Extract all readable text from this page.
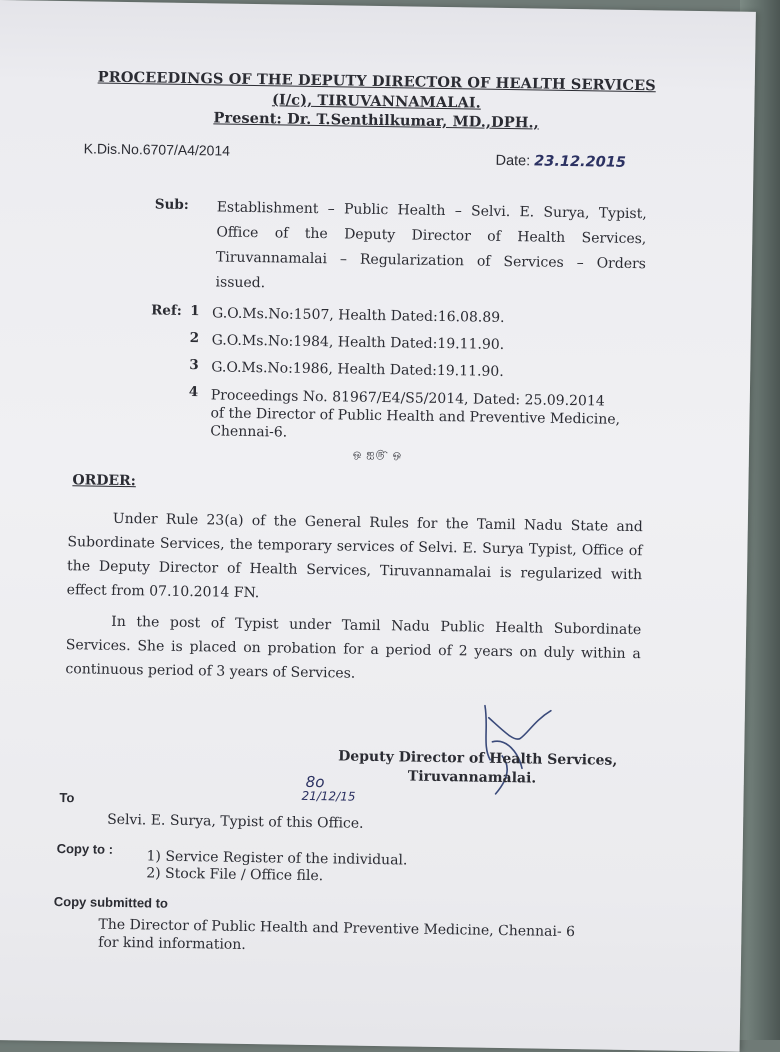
PROCEEDINGS OF THE DEPUTY DIRECTOR OF HEALTH SERVICES
(I/c), TIRUVANNAMALAI.
Present: Dr. T.Senthilkumar, MD.,DPH.,
K.Dis.No.6707/A4/2014
Date: 23.12.2015
Sub: Establishment – Public Health – Selvi. E. Surya, Typist, Office of the Deputy Director of Health Services, Tiruvannamalai – Regularization of Services – Orders issued.
Ref: 1 G.O.Ms.No:1507, Health Dated:16.08.89.
2 G.O.Ms.No:1984, Health Dated:19.11.90.
3 G.O.Ms.No:1986, Health Dated:19.11.90.
4 Proceedings No. 81967/E4/S5/2014, Dated: 25.09.2014
of the Director of Public Health and Preventive Medicine,
Chennai-6.
ஒ ஐ௹ ஒ
ORDER:

Under Rule 23(a) of the General Rules for the Tamil Nadu State and Subordinate Services, the temporary services of Selvi. E. Surya Typist, Office of the Deputy Director of Health Services, Tiruvannamalai is regularized with effect from 07.10.2014 FN.

In the post of Typist under Tamil Nadu Public Health Subordinate Services. She is placed on probation for a period of 2 years on duly within a continuous period of 3 years of Services.

Deputy Director of Health Services,
Tiruvannamalai.
8o
21/12/15
To
Selvi. E. Surya, Typist of this Office.
Copy to : 1) Service Register of the individual.
2) Stock File / Office file.
Copy submitted to
The Director of Public Health and Preventive Medicine, Chennai- 6
for kind information.
